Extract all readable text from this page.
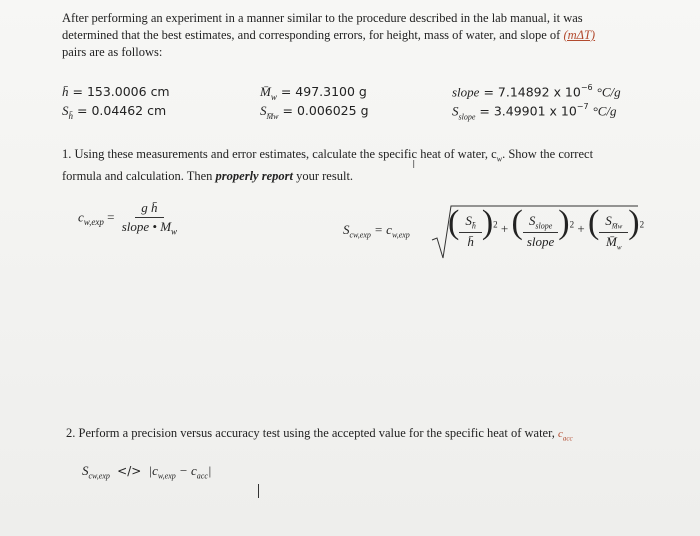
After performing an experiment in a manner similar to the procedure described in the lab manual, it was

determined that the best estimates, and corresponding errors, for height, mass of water, and slope of (mΔT)

pairs are as follows:

h̄ = 153.0006 cm
$S_{h̄} = 0.04462$ cm
$M̄_w = 497.3100$ g
$S_{M̄w} = 0.006025$ g
slope = 7.14892 x $10^{-6}$ °C/g
$S_{slope} = 3.49901$ x $10^{-7}$ °C/g
1. Using these measurements and error estimates, calculate the specific heat of water, $c_w$. Show the correct
formula and calculation. Then properly report your result.
I
$c_{w,exp} = \frac{\text{g h̄}}{slope • M_w}$	$S_{cw,exp} = c_{w,exp}$ ( $\frac{S_{h̄}}{h̄} )^2$ + ( $\frac{S_{slope}}{\text{slope}} )^2$ + ( $\frac{S_{M̄w}}{M̄_w} )^2$
2. Perform a precision versus accuracy test using the accepted value for the specific heat of water, $c_{acc}$
$S_{cw,exp}$ </> $|c_{w,exp} - c_{acc}|$
